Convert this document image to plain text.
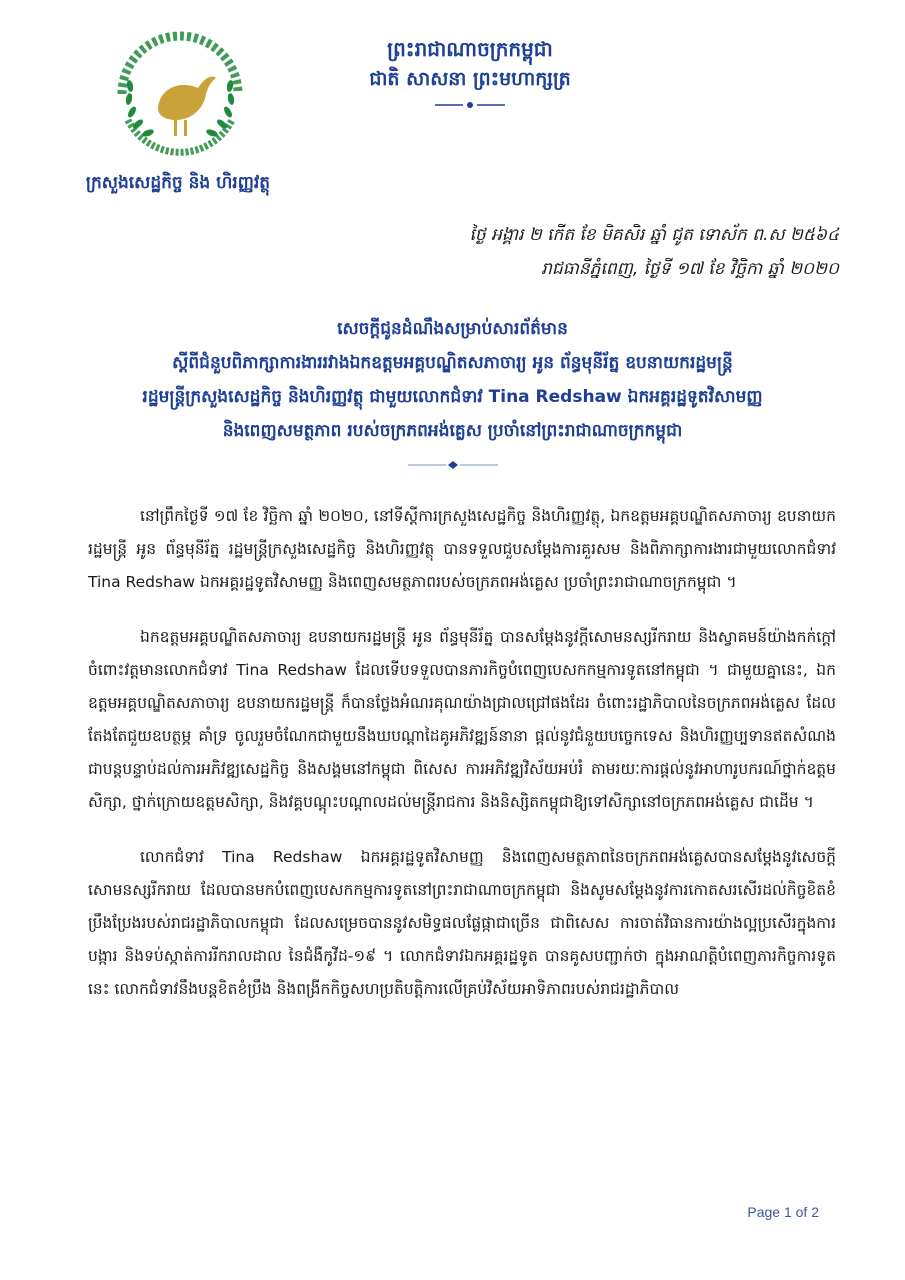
ក្រសួងសេដ្ឋកិច្ច និង ហិរញ្ញវត្ថុ
ព្រះរាជាណាចក្រកម្ពុជា
ជាតិ សាសនា ព្រះមហាក្សត្រ
ថ្ងៃ អង្គារ ២ កើត ខែ មិគសិរ ឆ្នាំ ជូត ទោស័ក ព.ស ២៥៦៤
រាជធានីភ្នំពេញ, ថ្ងៃទី ១៧ ខែ វិច្ឆិកា ឆ្នាំ ២០២០
សេចក្តីជូនដំណឹងសម្រាប់សារព័ត៌មាន
ស្តីពីជំនួបពិភាក្សាការងាររវាងឯកឧត្តមអគ្គបណ្ឌិតសភាចារ្យ អូន ព័ន្ធមុនីរ័ត្ន ឧបនាយករដ្ឋមន្ត្រី
រដ្ឋមន្ត្រីក្រសួងសេដ្ឋកិច្ច និងហិរញ្ញវត្ថុ ជាមួយលោកជំទាវ Tina Redshaw ឯកអគ្គរដ្ឋទូតវិសាមញ្ញ
និងពេញសមត្ថភាព របស់ចក្រភពអង់គ្លេស ប្រចាំនៅព្រះរាជាណាចក្រកម្ពុជា

នៅព្រឹកថ្ងៃទី ១៧ ខែ វិច្ឆិកា ឆ្នាំ ២០២០, នៅទីស្តីការក្រសួងសេដ្ឋកិច្ច និងហិរញ្ញវត្ថុ, ឯកឧត្តមអគ្គបណ្ឌិតសភាចារ្យ ឧបនាយករដ្ឋមន្ត្រី អូន ព័ន្ធមុនីរ័ត្ន រដ្ឋមន្ត្រីក្រសួងសេដ្ឋកិច្ច និងហិរញ្ញវត្ថុ បានទទួលជួបសម្តែងការគួរសម និងពិភាក្សាការងារជាមួយលោកជំទាវ Tina Redshaw ឯកអគ្គរដ្ឋទូតវិសាមញ្ញ និងពេញសមត្ថភាពរបស់ចក្រភពអង់គ្លេស ប្រចាំព្រះរាជាណាចក្រកម្ពុជា ។

ឯកឧត្តមអគ្គបណ្ឌិតសភាចារ្យ ឧបនាយករដ្ឋមន្ត្រី អូន ព័ន្ធមុនីរ័ត្ន បានសម្តែងនូវក្តីសោមនស្សរីករាយ និងស្វាគមន៍យ៉ាងកក់ក្តៅ ចំពោះវត្តមានលោកជំទាវ Tina Redshaw ដែលទើបទទួលបានភារកិច្ចបំពេញបេសកកម្មការទូតនៅកម្ពុជា ។ ជាមួយគ្នានេះ, ឯកឧត្តមអគ្គបណ្ឌិតសភាចារ្យ ឧបនាយករដ្ឋមន្ត្រី ក៏បានថ្លែងអំណរគុណយ៉ាងជ្រាលជ្រៅផងដែរ ចំពោះរដ្ឋាភិបាលនៃចក្រភពអង់គ្លេស ដែលតែងតែជួយឧបត្ថម្ភ គាំទ្រ ចូលរួមចំណែកជាមួយនឹងឃបណ្តាដៃគូអភិវឌ្ឍន៍នានា ផ្តល់នូវជំនួយបច្ចេកទេស និងហិរញ្ញប្បទានឥតសំណងជាបន្តបន្ទាប់ដល់ការអភិវឌ្ឍសេដ្ឋកិច្ច និងសង្គមនៅកម្ពុជា ពិសេស ការអភិវឌ្ឍវិស័យអប់រំ តាមរយៈការផ្តល់នូវអាហារូបករណ៍ថ្នាក់ឧត្តមសិក្សា, ថ្នាក់ក្រោយឧត្តមសិក្សា, និងវគ្គបណ្តុះបណ្តាលដល់មន្ត្រីរាជការ និងនិស្សិតកម្ពុជាឱ្យទៅសិក្សានៅចក្រភពអង់គ្លេស ជាដើម ។

លោកជំទាវ Tina Redshaw ឯកអគ្គរដ្ឋទូតវិសាមញ្ញ និងពេញសមត្ថភាពនៃចក្រភពអង់គ្លេសបានសម្តែងនូវសេចក្តីសោមនស្សរីករាយ ដែលបានមកបំពេញបេសកកម្មការទូតនៅព្រះរាជាណាចក្រកម្ពុជា និងសូមសម្តែងនូវការកោតសរសើរដល់កិច្ចខិតខំប្រឹងប្រែងរបស់រាជរដ្ឋាភិបាលកម្ពុជា ដែលសម្រេចបាននូវសមិទ្ធផលផ្លែផ្កាជាច្រើន ជាពិសេស ការចាត់វិធានការយ៉ាងល្អប្រសើរក្នុងការបង្ការ និងទប់ស្កាត់ការរីករាលដាល នៃជំងឺកូវីដ-១៩ ។ លោកជំទាវឯកអគ្គរដ្ឋទូត បានគូសបញ្ជាក់ថា ក្នុងអាណត្តិបំពេញភារកិច្ចការទូតនេះ លោកជំទាវនឹងបន្តខិតខំប្រឹង និងពង្រីកកិច្ចសហប្រតិបត្តិការលើគ្រប់វិស័យអាទិភាពរបស់រាជរដ្ឋាភិបាល

Page 1 of 2
